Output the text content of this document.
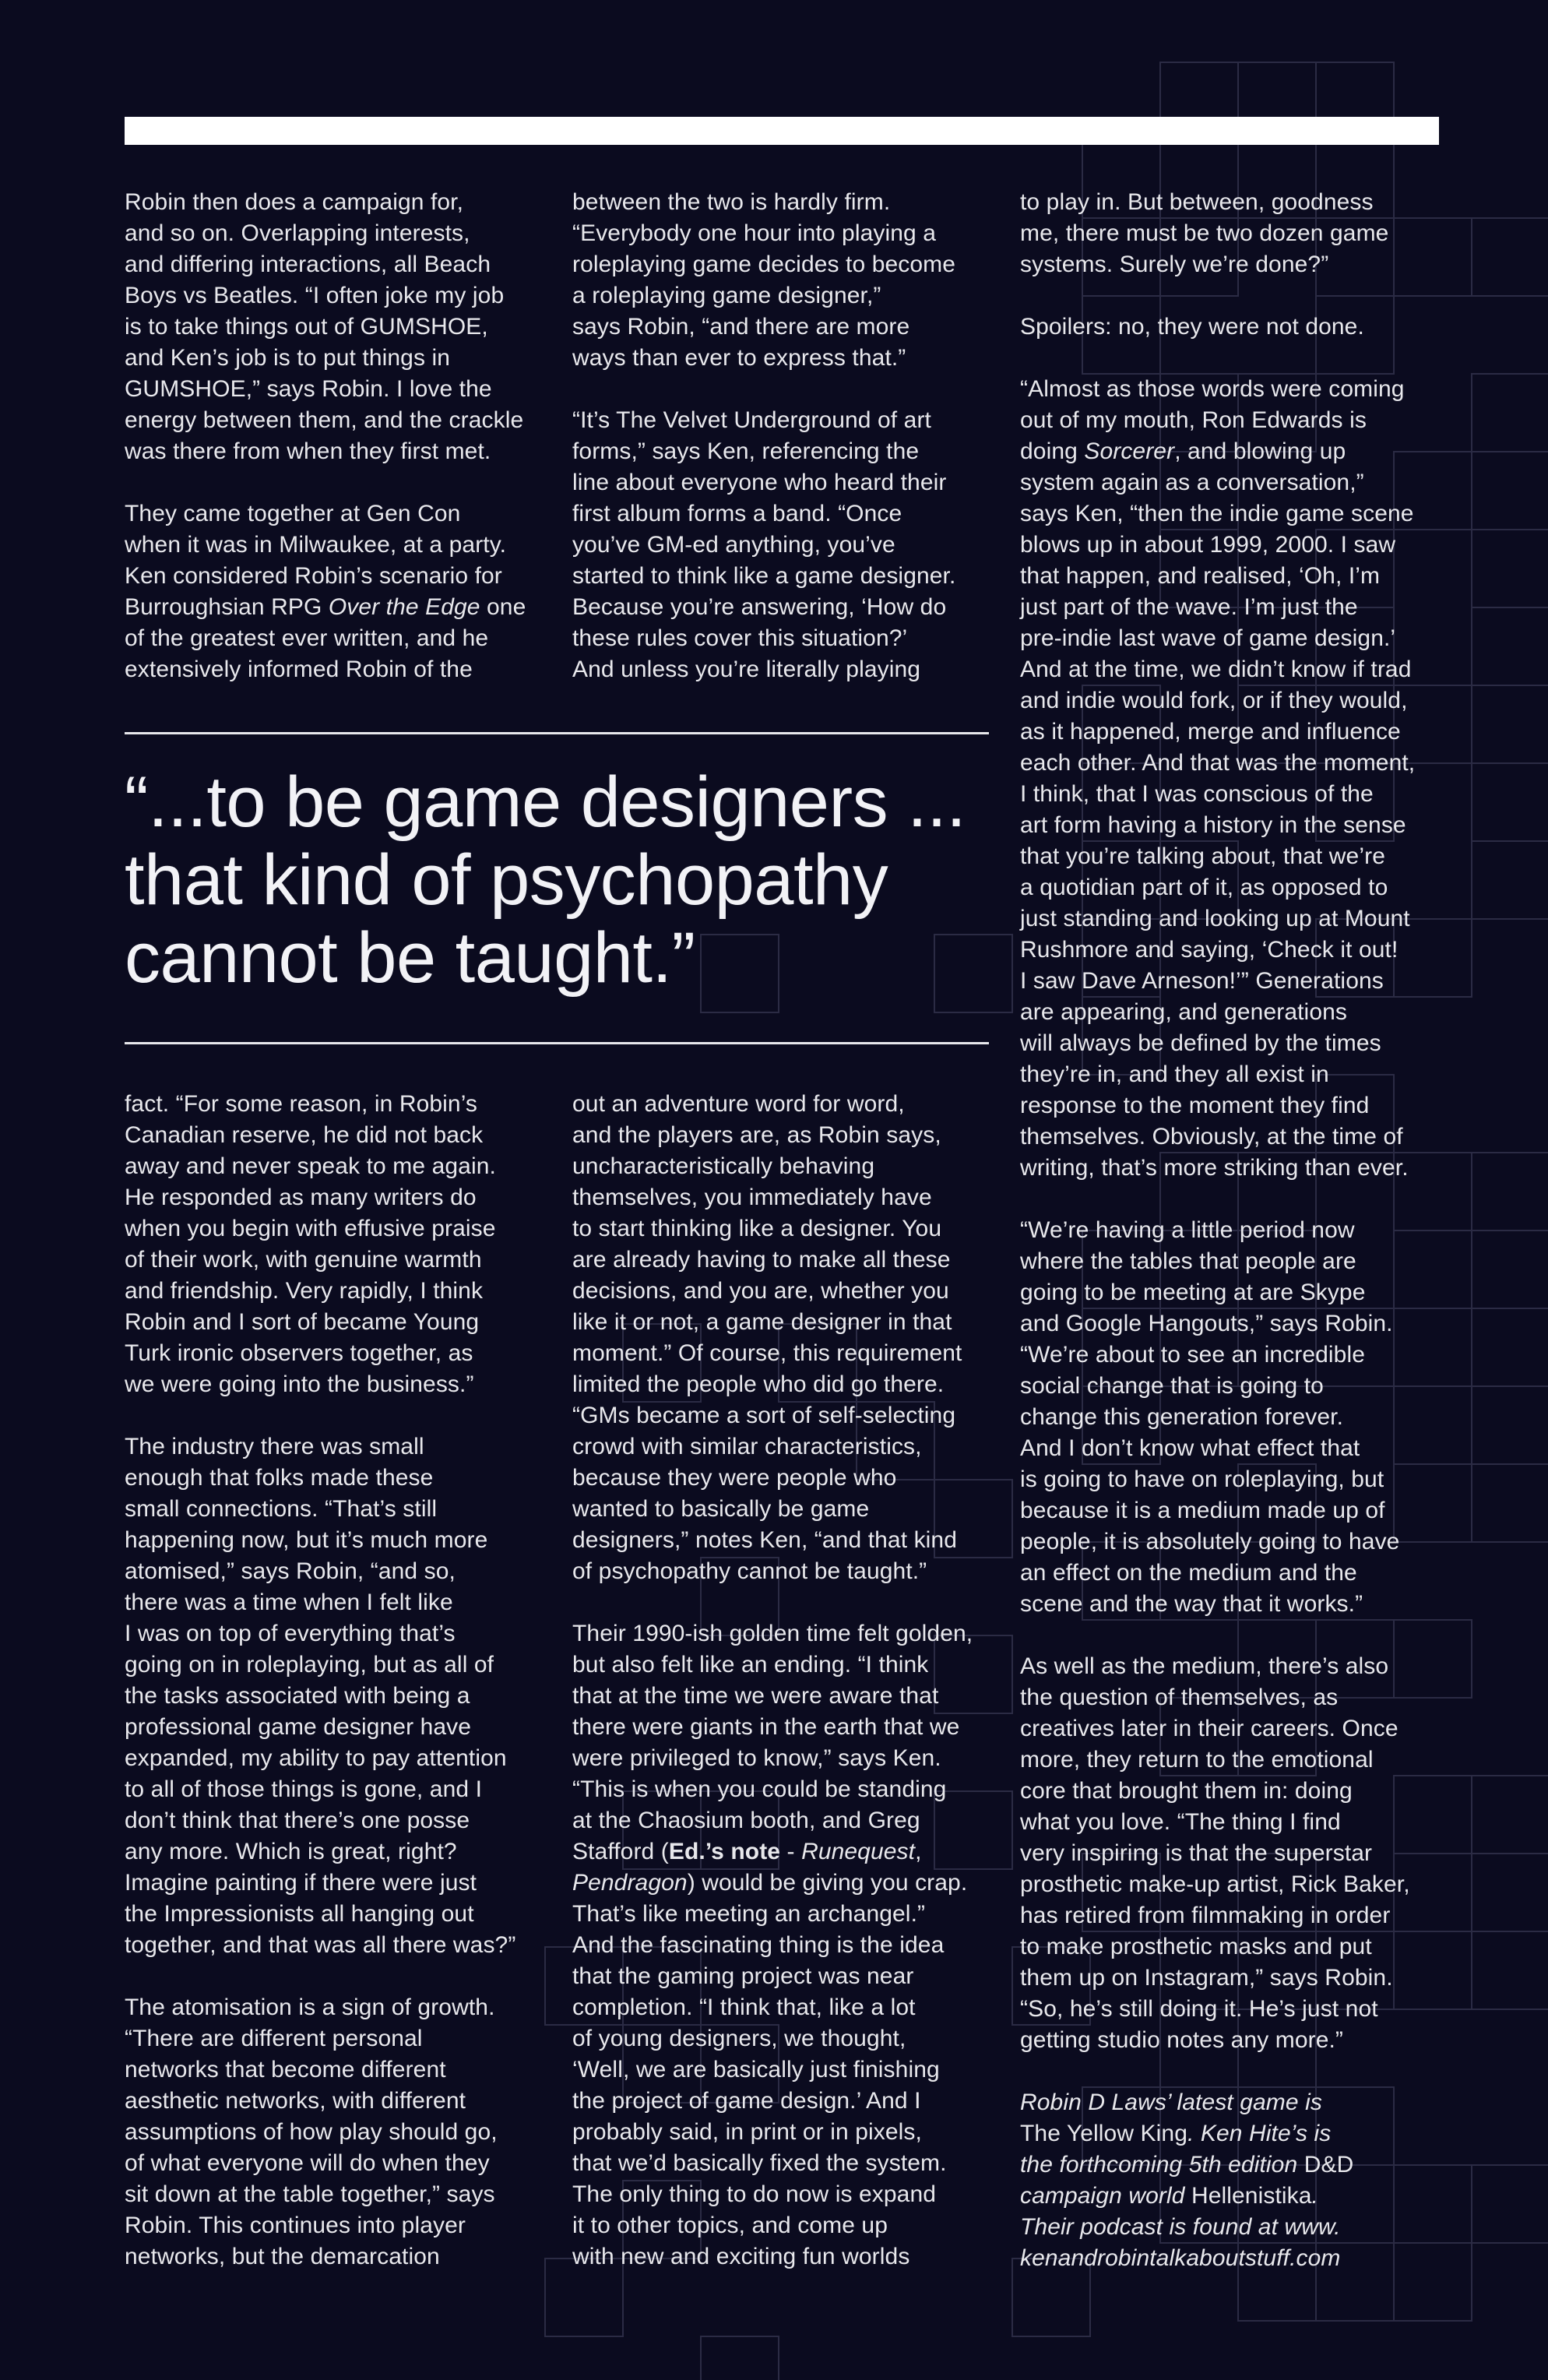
Robin then does a campaign for,
and so on. Overlapping interests,
and differing interactions, all Beach
Boys vs Beatles. “I often joke my job
is to take things out of GUMSHOE,
and Ken’s job is to put things in
GUMSHOE,” says Robin. I love the
energy between them, and the crackle
was there from when they first met.

They came together at Gen Con
when it was in Milwaukee, at a party.
Ken considered Robin’s scenario for
Burroughsian RPG Over the Edge one
of the greatest ever written, and he
extensively informed Robin of the

between the two is hardly firm.
“Everybody one hour into playing a
roleplaying game decides to become
a roleplaying game designer,”
says Robin, “and there are more
ways than ever to express that.”

“It’s The Velvet Underground of art
forms,” says Ken, referencing the
line about everyone who heard their
first album forms a band. “Once
you’ve GM-ed anything, you’ve
started to think like a game designer.
Because you’re answering, ‘How do
these rules cover this situation?’
And unless you’re literally playing

“...to be game designers ...
that kind of psychopathy
cannot be taught.”

fact. “For some reason, in Robin’s
Canadian reserve, he did not back
away and never speak to me again.
He responded as many writers do
when you begin with effusive praise
of their work, with genuine warmth
and friendship. Very rapidly, I think
Robin and I sort of became Young
Turk ironic observers together, as
we were going into the business.”

The industry there was small
enough that folks made these
small connections. “That’s still
happening now, but it’s much more
atomised,” says Robin, “and so,
there was a time when I felt like
I was on top of everything that’s
going on in roleplaying, but as all of
the tasks associated with being a
professional game designer have
expanded, my ability to pay attention
to all of those things is gone, and I
don’t think that there’s one posse
any more. Which is great, right?
Imagine painting if there were just
the Impressionists all hanging out
together, and that was all there was?”

The atomisation is a sign of growth.
“There are different personal
networks that become different
aesthetic networks, with different
assumptions of how play should go,
of what everyone will do when they
sit down at the table together,” says
Robin. This continues into player
networks, but the demarcation

out an adventure word for word,
and the players are, as Robin says,
uncharacteristically behaving
themselves, you immediately have
to start thinking like a designer. You
are already having to make all these
decisions, and you are, whether you
like it or not, a game designer in that
moment.” Of course, this requirement
limited the people who did go there.
“GMs became a sort of self-selecting
crowd with similar characteristics,
because they were people who
wanted to basically be game
designers,” notes Ken, “and that kind
of psychopathy cannot be taught.”

Their 1990-ish golden time felt golden,
but also felt like an ending. “I think
that at the time we were aware that
there were giants in the earth that we
were privileged to know,” says Ken.
“This is when you could be standing
at the Chaosium booth, and Greg
Stafford (Ed.’s note - Runequest,
Pendragon) would be giving you crap.
That’s like meeting an archangel.”
And the fascinating thing is the idea
that the gaming project was near
completion. “I think that, like a lot
of young designers, we thought,
‘Well, we are basically just finishing
the project of game design.’ And I
probably said, in print or in pixels,
that we’d basically fixed the system.
The only thing to do now is expand
it to other topics, and come up
with new and exciting fun worlds

to play in. But between, goodness
me, there must be two dozen game
systems. Surely we’re done?”

Spoilers: no, they were not done.

“Almost as those words were coming
out of my mouth, Ron Edwards is
doing Sorcerer, and blowing up
system again as a conversation,”
says Ken, “then the indie game scene
blows up in about 1999, 2000. I saw
that happen, and realised, ‘Oh, I’m
just part of the wave. I’m just the
pre-indie last wave of game design.’
And at the time, we didn’t know if trad
and indie would fork, or if they would,
as it happened, merge and influence
each other. And that was the moment,
I think, that I was conscious of the
art form having a history in the sense
that you’re talking about, that we’re
a quotidian part of it, as opposed to
just standing and looking up at Mount
Rushmore and saying, ‘Check it out!
I saw Dave Arneson!’” Generations
are appearing, and generations
will always be defined by the times
they’re in, and they all exist in
response to the moment they find
themselves. Obviously, at the time of
writing, that’s more striking than ever.

“We’re having a little period now
where the tables that people are
going to be meeting at are Skype
and Google Hangouts,” says Robin.
“We’re about to see an incredible
social change that is going to
change this generation forever.
And I don’t know what effect that
is going to have on roleplaying, but
because it is a medium made up of
people, it is absolutely going to have
an effect on the medium and the
scene and the way that it works.”

As well as the medium, there’s also
the question of themselves, as
creatives later in their careers. Once
more, they return to the emotional
core that brought them in: doing
what you love. “The thing I find
very inspiring is that the superstar
prosthetic make-up artist, Rick Baker,
has retired from filmmaking in order
to make prosthetic masks and put
them up on Instagram,” says Robin.
“So, he’s still doing it. He’s just not
getting studio notes any more.”

Robin D Laws’ latest game is
The Yellow King. Ken Hite’s is
the forthcoming 5th edition D&D
campaign world Hellenistika.
Their podcast is found at www.
kenandrobintalkaboutstuff.com
